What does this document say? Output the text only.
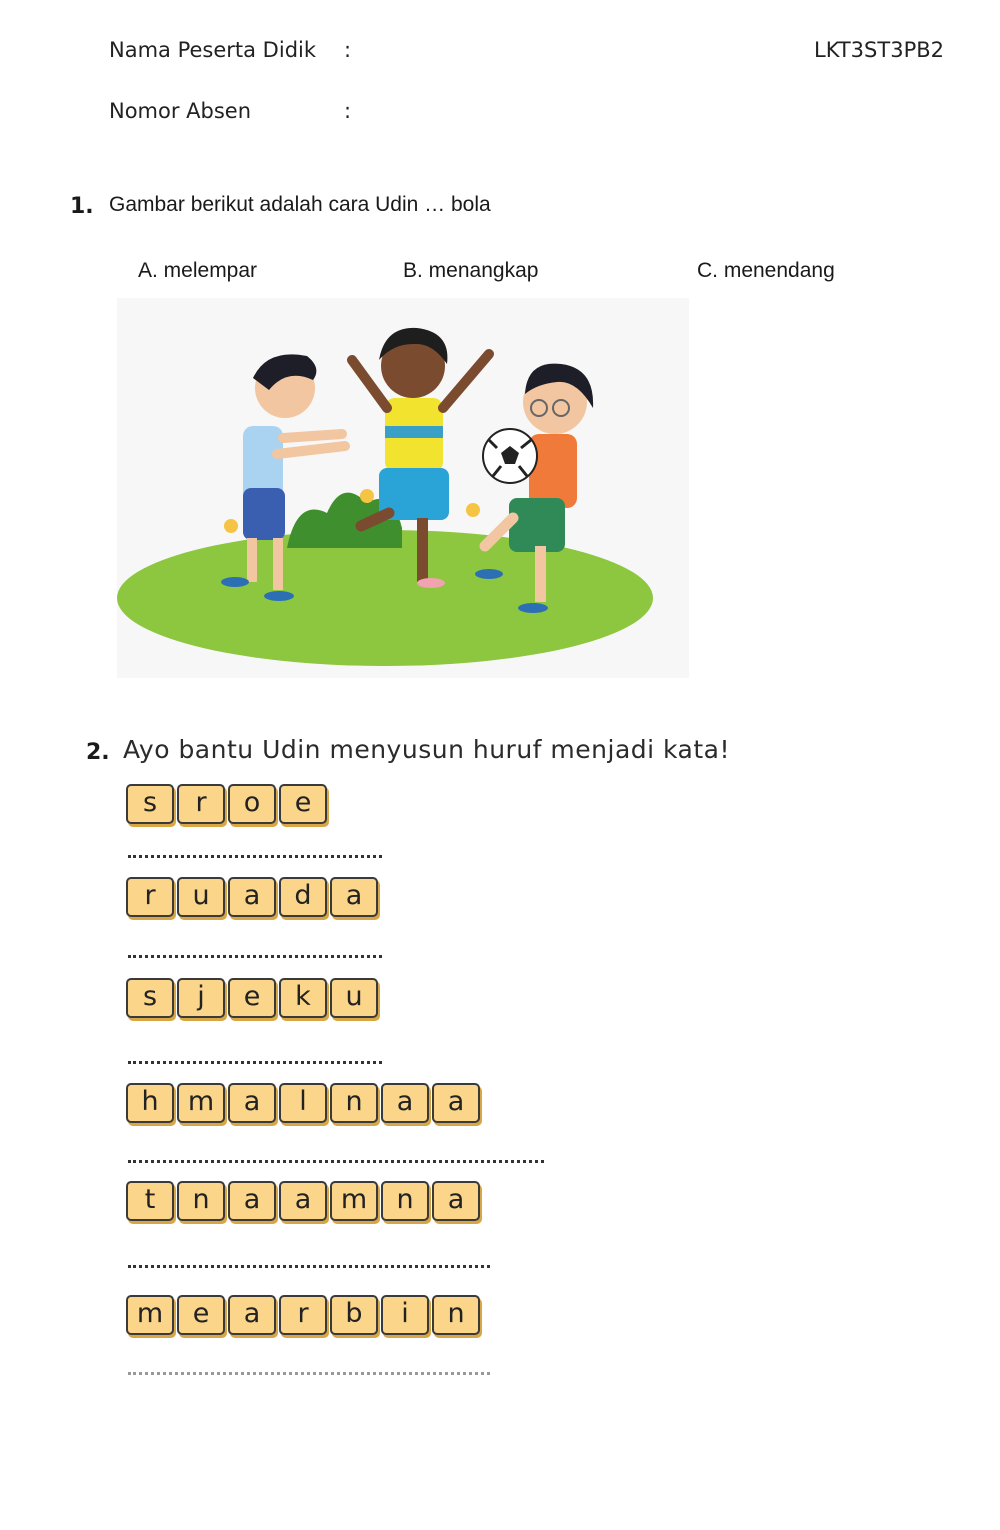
Nama Peserta Didik :	LKT3ST3PB2
Nomor Absen	:
1. Gambar berikut adalah cara Udin … bola
A. melempar	B. menangkap	C. menendang
2. Ayo bantu Udin menyusun huruf menjadi kata!
s	r	o	e
r	u	a	d	a
s	j	e	k	u
h	m	a	l	n	a	a
t	n	a	a	m	n	a
m	e	a	r	b	i	n
